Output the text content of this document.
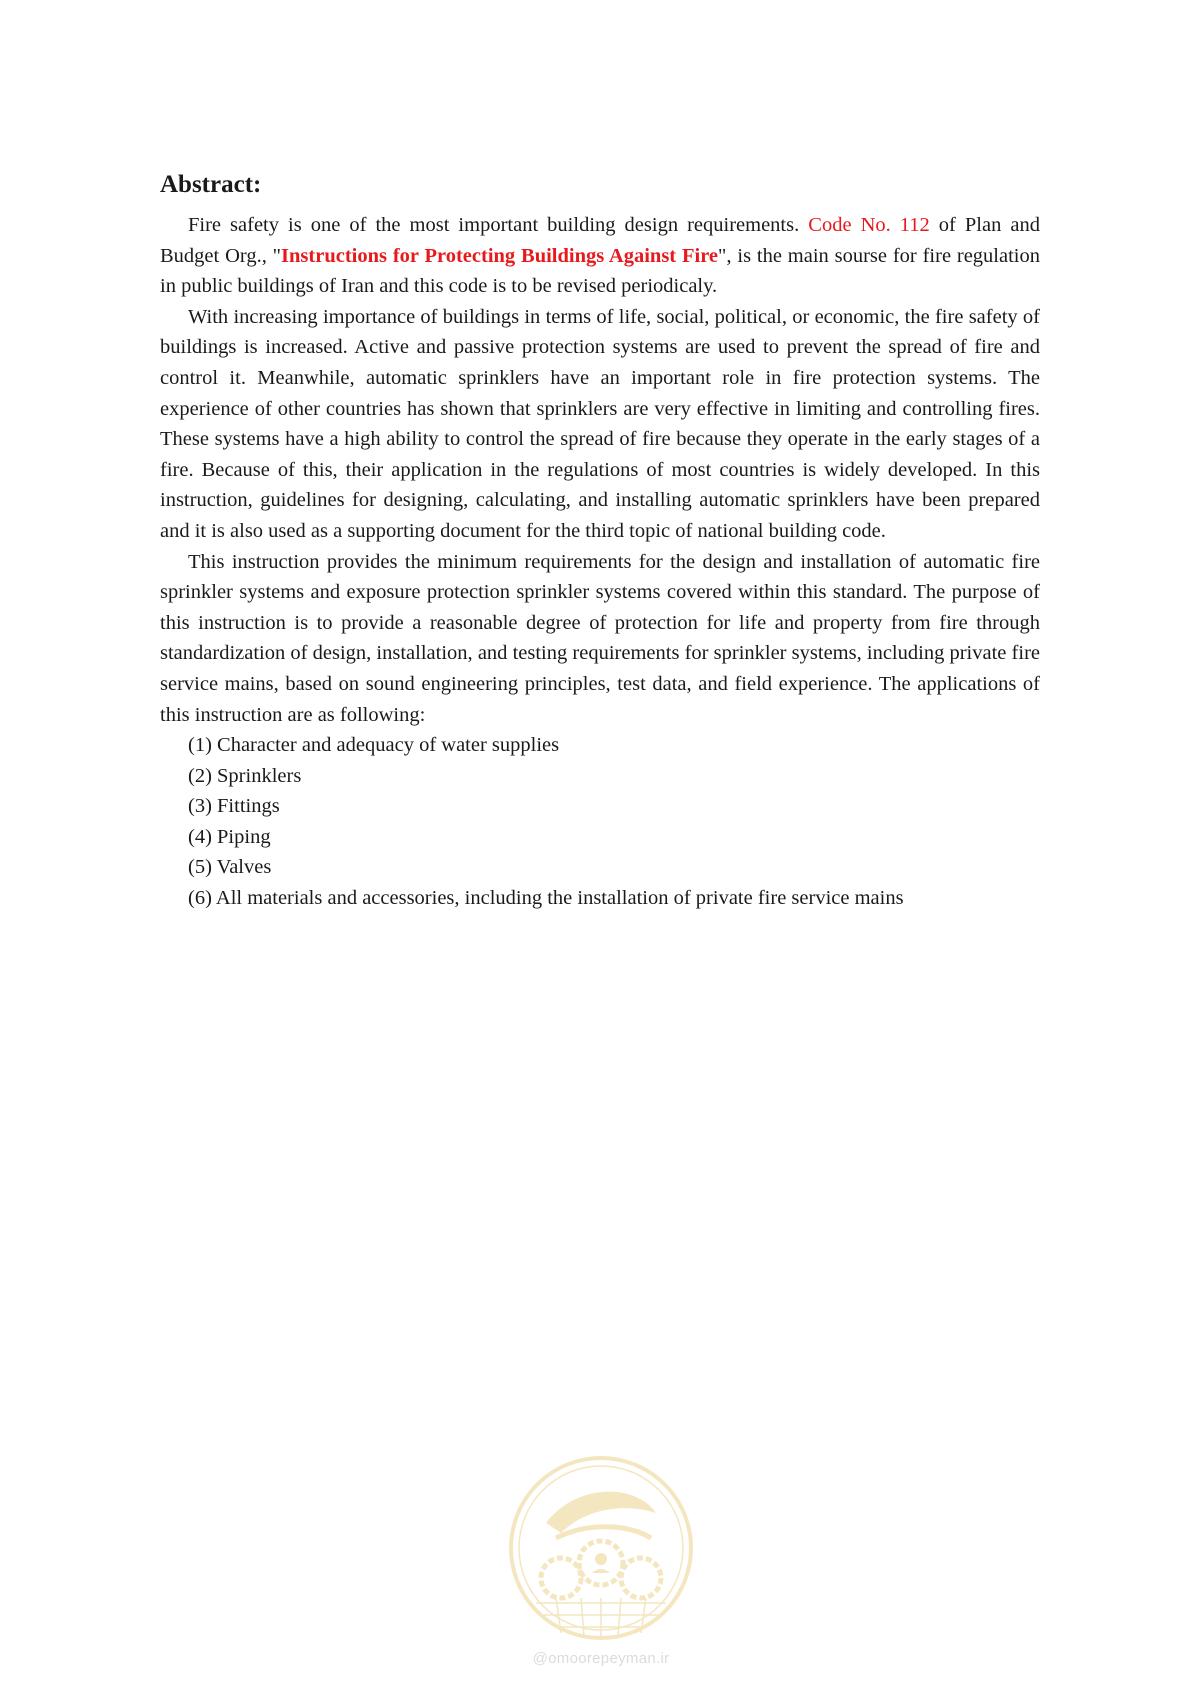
Abstract:

Fire safety is one of the most important building design requirements. Code No. 112 of Plan and Budget Org., "Instructions for Protecting Buildings Against Fire", is the main sourse for fire regulation in public buildings of Iran and this code is to be revised periodicaly.

With increasing importance of buildings in terms of life, social, political, or economic, the fire safety of buildings is increased. Active and passive protection systems are used to prevent the spread of fire and control it. Meanwhile, automatic sprinklers have an important role in fire protection systems. The experience of other countries has shown that sprinklers are very effective in limiting and controlling fires. These systems have a high ability to control the spread of fire because they operate in the early stages of a fire. Because of this, their application in the regulations of most countries is widely developed. In this instruction, guidelines for designing, calculating, and installing automatic sprinklers have been prepared and it is also used as a supporting document for the third topic of national building code.

This instruction provides the minimum requirements for the design and installation of automatic fire sprinkler systems and exposure protection sprinkler systems covered within this standard. The purpose of this instruction is to provide a reasonable degree of protection for life and property from fire through standardization of design, installation, and testing requirements for sprinkler systems, including private fire service mains, based on sound engineering principles, test data, and field experience. The applications of this instruction are as following:

(1) Character and adequacy of water supplies
(2) Sprinklers
(3) Fittings
(4) Piping
(5) Valves
(6) All materials and accessories, including the installation of private fire service mains
@omoorepeyman.ir
